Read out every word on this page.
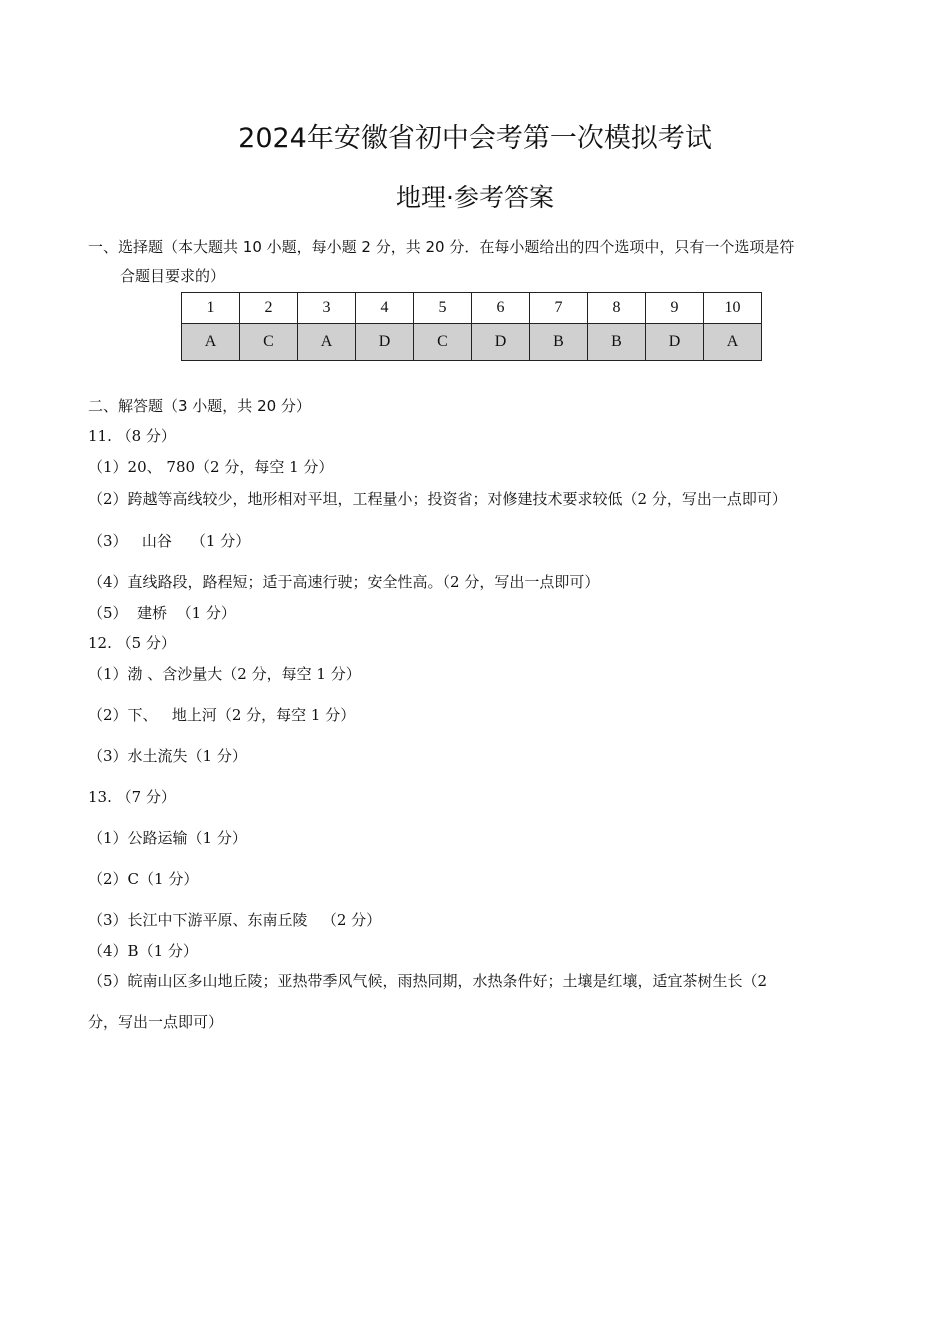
2024年安徽省初中会考第一次模拟考试
地理·参考答案
一、选择题（本大题共 10 小题，每小题 2 分，共 20 分．在每小题给出的四个选项中，只有一个选项是符
合题目要求的）
1	2	3	4	5	6	7	8	9	10
A	C	A	D	C	D	B	B	D	A
二、解答题（3 小题，共 20 分）
11. （8 分）
（1）20、 780（2 分，每空 1 分）
（2）跨越等高线较少，地形相对平坦，工程量小；投资省；对修建技术要求较低（2 分，写出一点即可）
（3）   山谷    （1 分）
（4）直线路段，路程短；适于高速行驶；安全性高。（2 分，写出一点即可）
（5）  建桥  （1 分）
12. （5 分）
（1）渤 、含沙量大（2 分，每空 1 分）
（2）下、   地上河（2 分，每空 1 分）
（3）水土流失（1 分）
13. （7 分）
（1）公路运输（1 分）
（2）C（1 分）
（3）长江中下游平原、东南丘陵   （2 分）
（4）B（1 分）
（5）皖南山区多山地丘陵；亚热带季风气候，雨热同期，水热条件好；土壤是红壤，适宜茶树生长（2
分，写出一点即可）
